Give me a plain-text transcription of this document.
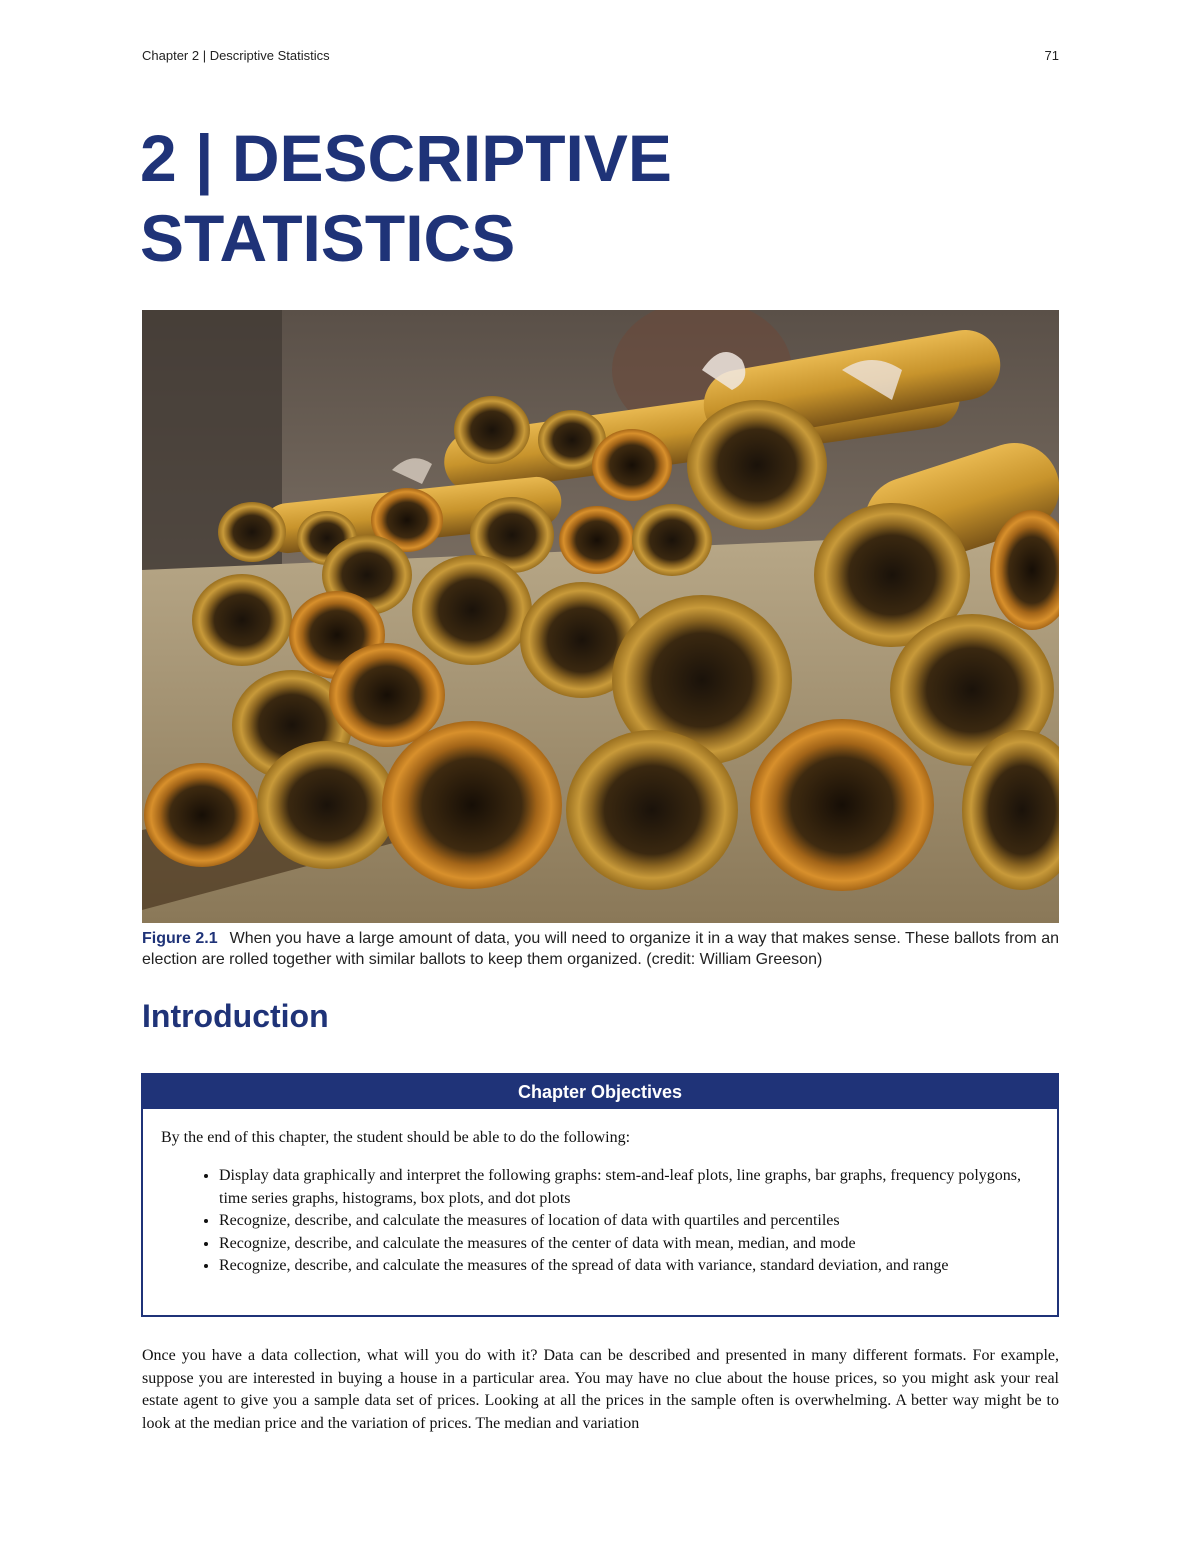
Chapter 2 | Descriptive Statistics	71
2 | DESCRIPTIVE
STATISTICS
Figure 2.1 When you have a large amount of data, you will need to organize it in a way that makes sense. These ballots from an election are rolled together with similar ballots to keep them organized. (credit: William Greeson)
Introduction
Chapter Objectives
By the end of this chapter, the student should be able to do the following:
• Display data graphically and interpret the following graphs: stem-and-leaf plots, line graphs, bar graphs, frequency polygons, time series graphs, histograms, box plots, and dot plots
• Recognize, describe, and calculate the measures of location of data with quartiles and percentiles
• Recognize, describe, and calculate the measures of the center of data with mean, median, and mode
• Recognize, describe, and calculate the measures of the spread of data with variance, standard deviation, and range

Once you have a data collection, what will you do with it? Data can be described and presented in many different formats. For example, suppose you are interested in buying a house in a particular area. You may have no clue about the house prices, so you might ask your real estate agent to give you a sample data set of prices. Looking at all the prices in the sample often is overwhelming. A better way might be to look at the median price and the variation of prices. The median and variation
